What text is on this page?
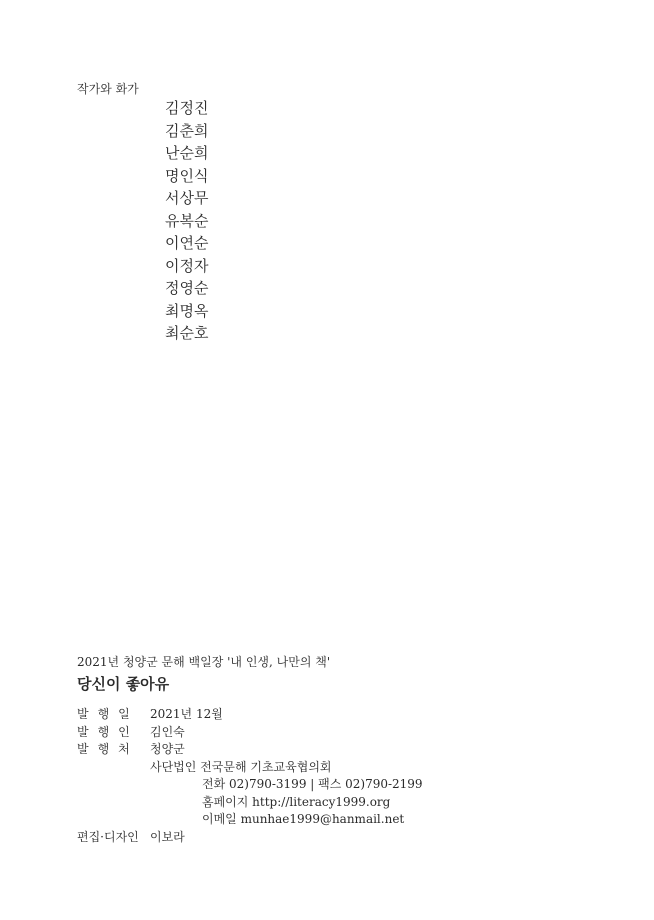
작가와 화가
김정진
김춘희
난순희
명인식
서상무
유복순
이연순
이정자
정영순
최명옥
최순호
2021년 청양군 문해 백일장 '내 인생, 나만의 책'
당신이 좋아유
발행일 2021년 12월
발행인 김인숙
발행처 청양군
사단법인 전국문해 기초교육협의회
전화 02)790-3199 | 팩스 02)790-2199
홈페이지 http://literacy1999.org
이메일 munhae1999@hanmail.net
편집·디자인 이보라
